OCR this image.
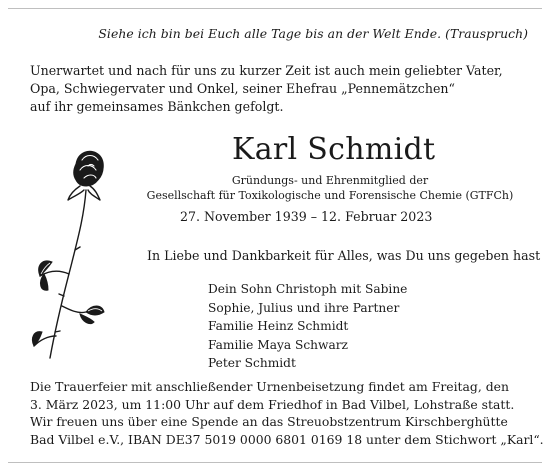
Siehe ich bin bei Euch alle Tage bis an der Welt Ende. (Trauspruch)
Unerwartet und nach für uns zu kurzer Zeit ist auch mein geliebter Vater,
Opa, Schwiegervater und Onkel, seiner Ehefrau „Pennemätzchen“
auf ihr gemeinsames Bänkchen gefolgt.
Karl Schmidt
Gründungs- und Ehrenmitglied der
Gesellschaft für Toxikologische und Forensische Chemie (GTFCh)
27. November 1939 – 12. Februar 2023
In Liebe und Dankbarkeit für Alles, was Du uns gegeben hast
Dein Sohn Christoph mit Sabine
Sophie, Julius und ihre Partner
Familie Heinz Schmidt
Familie Maya Schwarz
Peter Schmidt
Die Trauerfeier mit anschließender Urnenbeisetzung findet am Freitag, den
3. März 2023, um 11:00 Uhr auf dem Friedhof in Bad Vilbel, Lohstraße statt.
Wir freuen uns über eine Spende an das Streuobstzentrum Kirschberghütte
Bad Vilbel e.V., IBAN DE37 5019 0000 6801 0169 18 unter dem Stichwort „Karl“.
